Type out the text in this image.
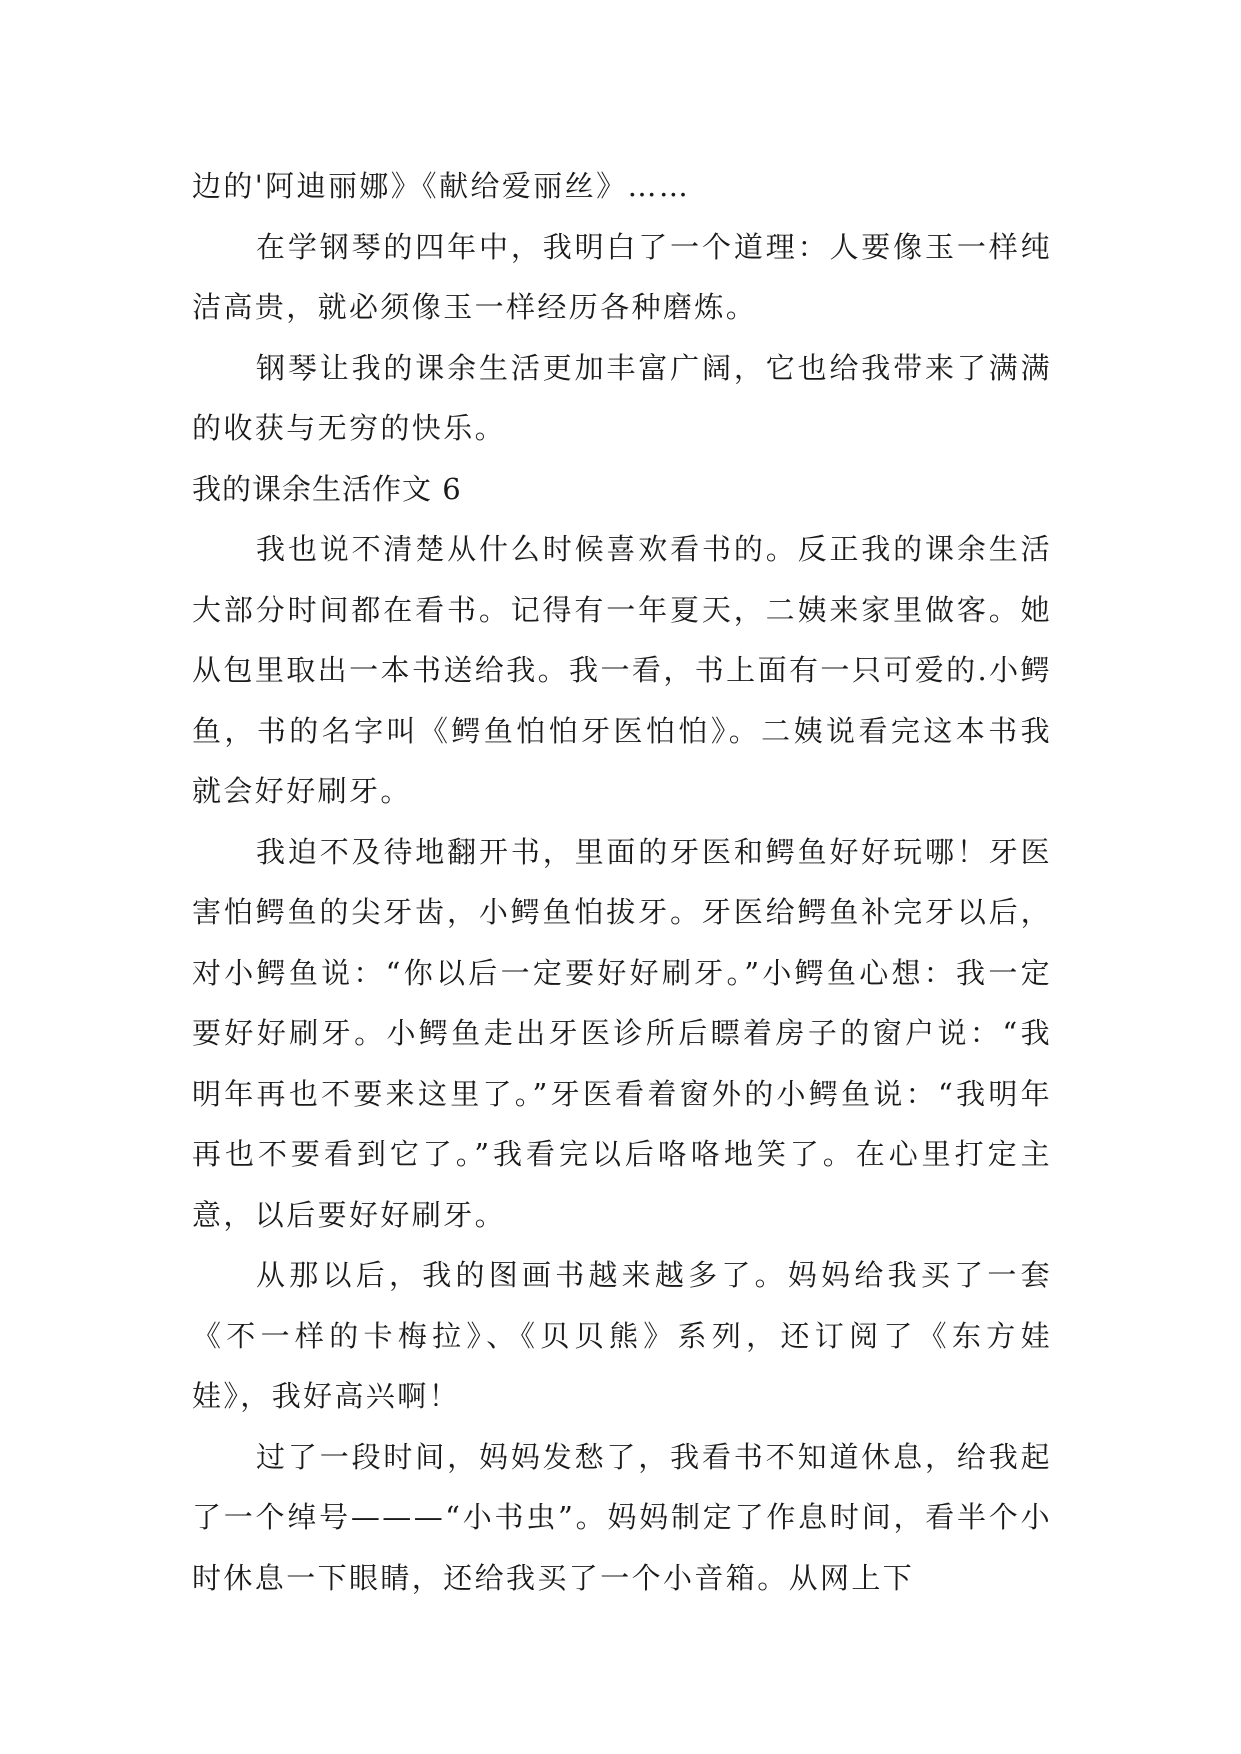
边的'阿迪丽娜》《献给爱丽丝》……

在学钢琴的四年中，我明白了一个道理：人要像玉一样纯洁高贵，就必须像玉一样经历各种磨炼。

钢琴让我的课余生活更加丰富广阔，它也给我带来了满满的收获与无穷的快乐。

我的课余生活作文 6

我也说不清楚从什么时候喜欢看书的。反正我的课余生活大部分时间都在看书。记得有一年夏天，二姨来家里做客。她从包里取出一本书送给我。我一看，书上面有一只可爱的.小鳄鱼，书的名字叫《鳄鱼怕怕牙医怕怕》。二姨说看完这本书我就会好好刷牙。

我迫不及待地翻开书，里面的牙医和鳄鱼好好玩哪！牙医害怕鳄鱼的尖牙齿，小鳄鱼怕拔牙。牙医给鳄鱼补完牙以后，对小鳄鱼说：“你以后一定要好好刷牙。”小鳄鱼心想：我一定要好好刷牙。小鳄鱼走出牙医诊所后瞟着房子的窗户说：“我明年再也不要来这里了。”牙医看着窗外的小鳄鱼说：“我明年再也不要看到它了。”我看完以后咯咯地笑了。在心里打定主意，以后要好好刷牙。

从那以后，我的图画书越来越多了。妈妈给我买了一套《不一样的卡梅拉》、《贝贝熊》系列，还订阅了《东方娃娃》，我好高兴啊！

过了一段时间，妈妈发愁了，我看书不知道休息，给我起了一个绰号———“小书虫”。妈妈制定了作息时间，看半个小时休息一下眼睛，还给我买了一个小音箱。从网上下
